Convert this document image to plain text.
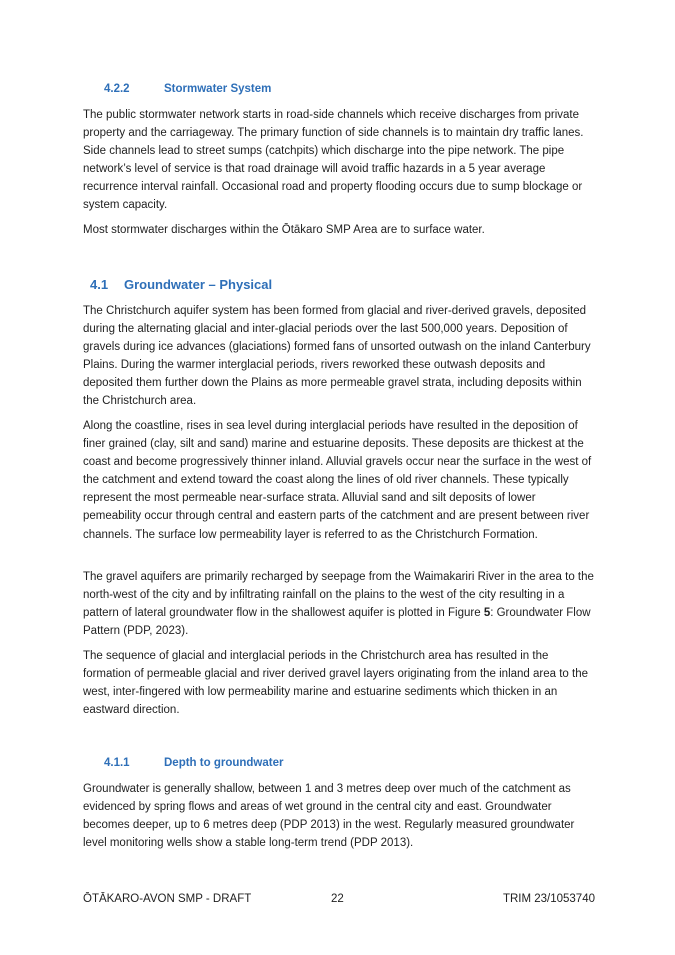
4.2.2	Stormwater System

The public stormwater network starts in road-side channels which receive discharges from private property and the carriageway. The primary function of side channels is to maintain dry traffic lanes. Side channels lead to street sumps (catchpits) which discharge into the pipe network. The pipe network’s level of service is that road drainage will avoid traffic hazards in a 5 year average recurrence interval rainfall. Occasional road and property flooding occurs due to sump blockage or system capacity.

Most stormwater discharges within the Ōtākaro SMP Area are to surface water.

4.1 Groundwater – Physical

The Christchurch aquifer system has been formed from glacial and river-derived gravels, deposited during the alternating glacial and inter-glacial periods over the last 500,000 years. Deposition of gravels during ice advances (glaciations) formed fans of unsorted outwash on the inland Canterbury Plains. During the warmer interglacial periods, rivers reworked these outwash deposits and deposited them further down the Plains as more permeable gravel strata, including deposits within the Christchurch area.

Along the coastline, rises in sea level during interglacial periods have resulted in the deposition of finer grained (clay, silt and sand) marine and estuarine deposits. These deposits are thickest at the coast and become progressively thinner inland. Alluvial gravels occur near the surface in the west of the catchment and extend toward the coast along the lines of old river channels. These typically represent the most permeable near-surface strata. Alluvial sand and silt deposits of lower pemeability occur through central and eastern parts of the catchment and are present between river channels. The surface low permeability layer is referred to as the Christchurch Formation.

The gravel aquifers are primarily recharged by seepage from the Waimakariri River in the area to the north-west of the city and by infiltrating rainfall on the plains to the west of the city resulting in a pattern of lateral groundwater flow in the shallowest aquifer is plotted in Figure 5: Groundwater Flow Pattern (PDP, 2023).

The sequence of glacial and interglacial periods in the Christchurch area has resulted in the formation of permeable glacial and river derived gravel layers originating from the inland area to the west, inter-fingered with low permeability marine and estuarine sediments which thicken in an eastward direction.

4.1.1	Depth to groundwater

Groundwater is generally shallow, between 1 and 3 metres deep over much of the catchment as evidenced by spring flows and areas of wet ground in the central city and east. Groundwater becomes deeper, up to 6 metres deep (PDP 2013) in the west. Regularly measured groundwater level monitoring wells show a stable long-term trend (PDP 2013).

ŌTĀKARO-AVON SMP - DRAFT	22	TRIM 23/1053740
